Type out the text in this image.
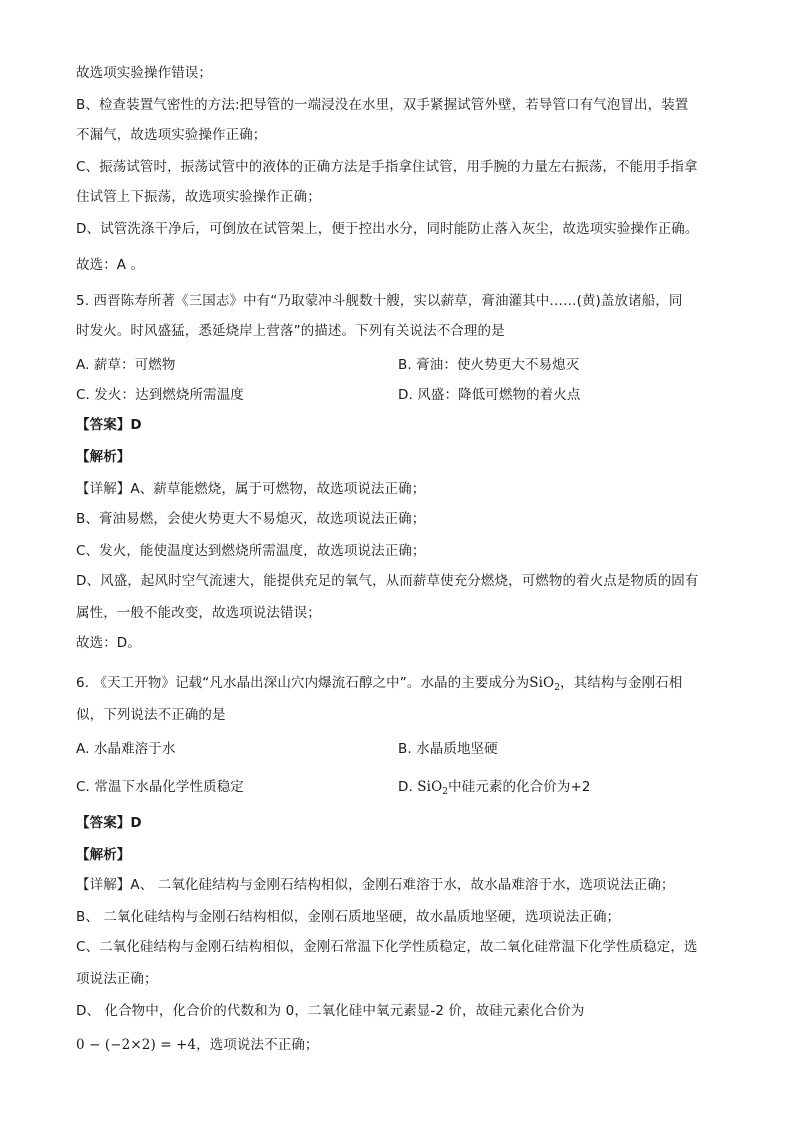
故选项实验操作错误；
B、检查装置气密性的方法:把导管的一端浸没在水里，双手紧握试管外壁，若导管口有气泡冒出，装置
不漏气，故选项实验操作正确；
C、振荡试管时，振荡试管中的液体的正确方法是手指拿住试管，用手腕的力量左右振荡，不能用手指拿
住试管上下振荡，故选项实验操作正确；
D、试管洗涤干净后，可倒放在试管架上，便于控出水分，同时能防止落入灰尘，故选项实验操作正确。
故选：A 。
5. 西晋陈寿所著《三国志》中有“乃取蒙冲斗舰数十艘，实以薪草，膏油灌其中……(黄)盖放诸船，同
时发火。时风盛猛，悉延烧岸上营落”的描述。下列有关说法不合理的是
A. 薪草：可燃物	B. 膏油：使火势更大不易熄灭
C. 发火：达到燃烧所需温度	D. 风盛：降低可燃物的着火点
【答案】D
【解析】
【详解】A、薪草能燃烧，属于可燃物，故选项说法正确；
B、膏油易燃，会使火势更大不易熄灭，故选项说法正确；
C、发火，能使温度达到燃烧所需温度，故选项说法正确；
D、风盛，起风时空气流速大，能提供充足的氧气，从而薪草使充分燃烧，可燃物的着火点是物质的固有
属性，一般不能改变，故选项说法错误；
故选：D。
6. 《天工开物》记载“凡水晶出深山穴内爆流石醇之中”。水晶的主要成分为SiO$_2$，其结构与金刚石相
似，下列说法不正确的是
A. 水晶难溶于水	B. 水晶质地坚硬
C. 常温下水晶化学性质稳定	D. SiO$_2$中硅元素的化合价为+2
【答案】D
【解析】
【详解】A、 二氧化硅结构与金刚石结构相似，金刚石难溶于水，故水晶难溶于水，选项说法正确；
B、 二氧化硅结构与金刚石结构相似，金刚石质地坚硬，故水晶质地坚硬，选项说法正确；
C、二氧化硅结构与金刚石结构相似，金刚石常温下化学性质稳定，故二氧化硅常温下化学性质稳定，选
项说法正确；
D、 化合物中，化合价的代数和为 0，二氧化硅中氧元素显-2 价，故硅元素化合价为
0 − (−2×2) = +4，选项说法不正确；
